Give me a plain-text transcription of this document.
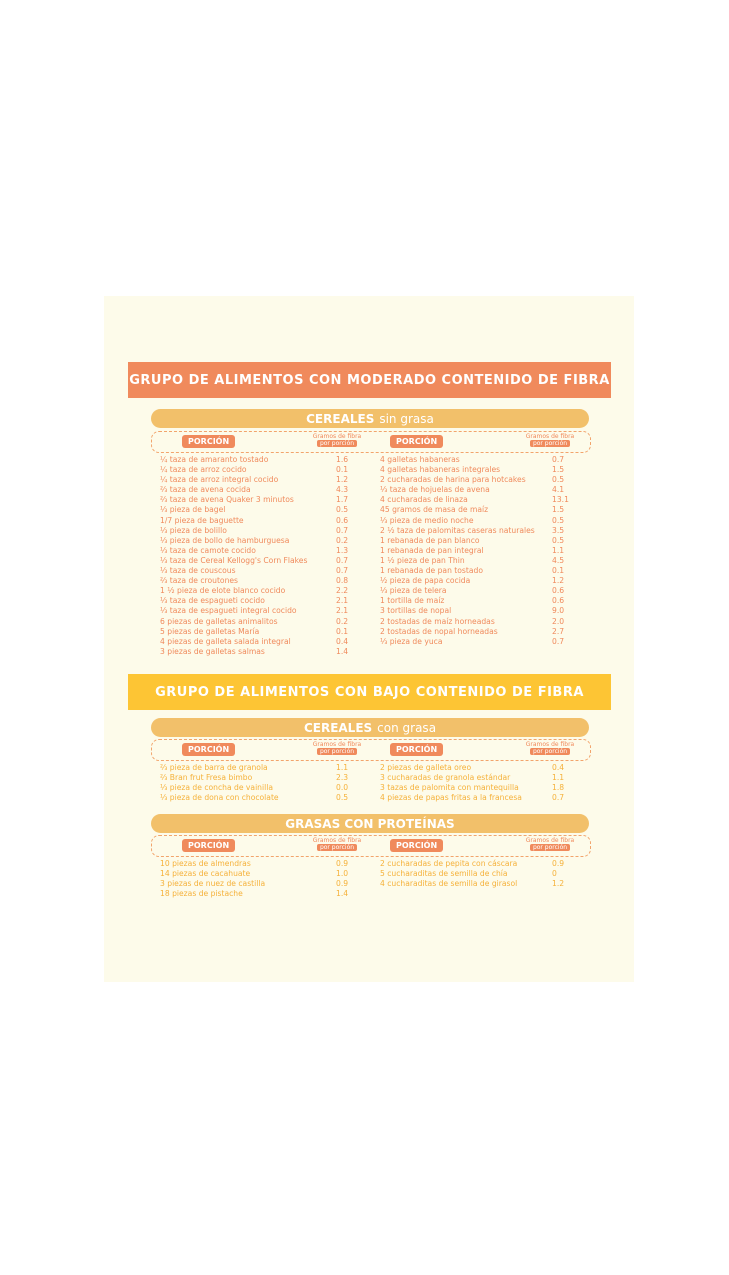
GRUPO DE ALIMENTOS CON MODERADO CONTENIDO DE FIBRA
CEREALES sin grasa
PORCIÓN
Gramos de fibra
por porción	PORCIÓN
Gramos de fibra
por porción
¼ taza de amaranto tostado	1.6
¼ taza de arroz cocido	0.1
¼ taza de arroz integral cocido	1.2
⅔ taza de avena cocida	4.3
⅔ taza de avena Quaker 3 minutos	1.7
⅓ pieza de bagel	0.5
1/7 pieza de baguette	0.6
⅓ pieza de bolillo	0.7
⅓ pieza de bollo de hamburguesa	0.2
⅓ taza de camote cocido	1.3
⅓ taza de Cereal Kellogg's Corn Flakes	0.7
⅓ taza de couscous	0.7
⅔ taza de croutones	0.8
1 ½ pieza de elote blanco cocido	2.2
⅓ taza de espagueti cocido	2.1
⅓ taza de espagueti integral cocido	2.1
6 piezas de galletas animalitos	0.2
5 piezas de galletas María	0.1
4 piezas de galleta salada integral	0.4
3 piezas de galletas salmas	1.4
4 galletas habaneras	0.7
4 galletas habaneras integrales	1.5
2 cucharadas de harina para hotcakes	0.5
⅓ taza de hojuelas de avena	4.1
4 cucharadas de linaza	13.1
45 gramos de masa de maíz	1.5
⅓ pieza de medio noche	0.5
2 ½ taza de palomitas caseras naturales 3.5
1 rebanada de pan blanco	0.5
1 rebanada de pan integral	1.1
1 ½ pieza de pan Thin	4.5
1 rebanada de pan tostado	0.1
½ pieza de papa cocida	1.2
⅓ pieza de telera	0.6
1 tortilla de maíz	0.6
3 tortillas de nopal	9.0
2 tostadas de maíz horneadas	2.0
2 tostadas de nopal horneadas	2.7
⅓ pieza de yuca	0.7
GRUPO DE ALIMENTOS CON BAJO CONTENIDO DE FIBRA
CEREALES con grasa
PORCIÓN
Gramos de fibra
por porción	PORCIÓN
Gramos de fibra
por porción
⅔ pieza de barra de granola	1.1
⅔ Bran frut Fresa bimbo	2.3
⅓ pieza de concha de vainilla	0.0
⅓ pieza de dona con chocolate	0.5
2 piezas de galleta oreo	0.4
3 cucharadas de granola estándar	1.1
3 tazas de palomita con mantequilla	1.8
4 piezas de papas fritas a la francesa	0.7
GRASAS CON PROTEÍNAS
PORCIÓN
Gramos de fibra
por porción	PORCIÓN
Gramos de fibra
por porción
10 piezas de almendras	0.9
14 piezas de cacahuate	1.0
3 piezas de nuez de castilla	0.9
18 piezas de pistache	1.4
2 cucharadas de pepita con cáscara	0.9
5 cucharaditas de semilla de chía	0
4 cucharaditas de semilla de girasol	1.2
